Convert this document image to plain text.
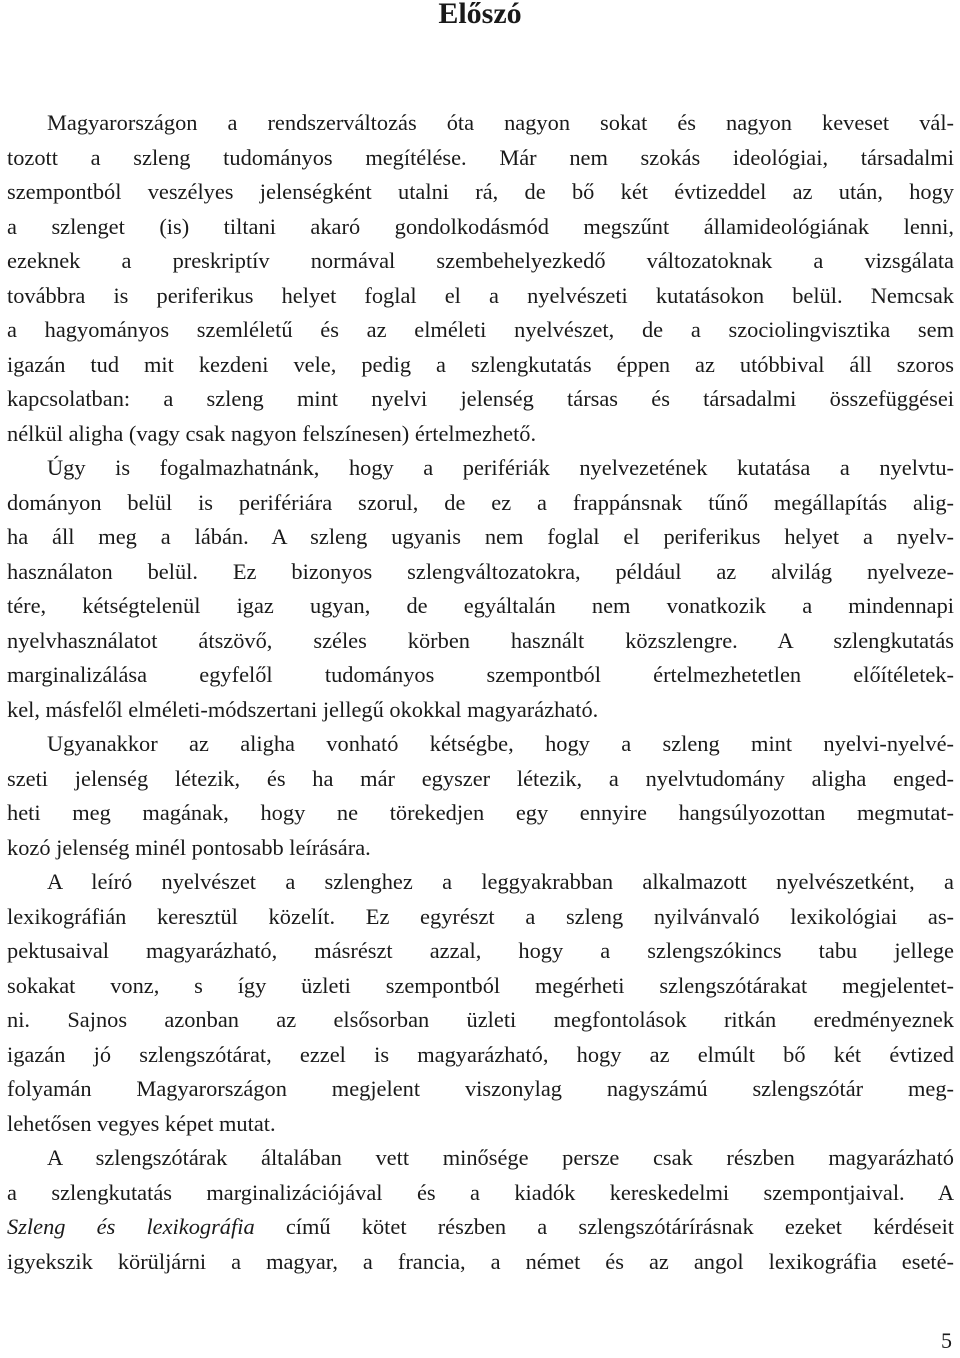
Előszó

Magyarországon a rendszerváltozás óta nagyon sokat és nagyon keveset vál-

tozott a szleng tudományos megítélése. Már nem szokás ideológiai, társadalmi

szempontból veszélyes jelenségként utalni rá, de bő két évtizeddel az után, hogy

a szlenget (is) tiltani akaró gondolkodásmód megszűnt államideológiának lenni,

ezeknek a preskriptív normával szembehelyezkedő változatoknak a vizsgálata

továbbra is periferikus helyet foglal el a nyelvészeti kutatásokon belül. Nemcsak

a hagyományos szemléletű és az elméleti nyelvészet, de a szociolingvisztika sem

igazán tud mit kezdeni vele, pedig a szlengkutatás éppen az utóbbival áll szoros

kapcsolatban: a szleng mint nyelvi jelenség társas és társadalmi összefüggései

nélkül aligha (vagy csak nagyon felszínesen) értelmezhető.

Úgy is fogalmazhatnánk, hogy a perifériák nyelvezetének kutatása a nyelvtu-

dományon belül is perifériára szorul, de ez a frappánsnak tűnő megállapítás alig-

ha áll meg a lábán. A szleng ugyanis nem foglal el periferikus helyet a nyelv-

használaton belül. Ez bizonyos szlengváltozatokra, például az alvilág nyelveze-

tére, kétségtelenül igaz ugyan, de egyáltalán nem vonatkozik a mindennapi

nyelvhasználatot átszövő, széles körben használt közszlengre. A szlengkutatás

marginalizálása egyfelől tudományos szempontból értelmezhetetlen előítéletek-

kel, másfelől elméleti-módszertani jellegű okokkal magyarázható.

Ugyanakkor az aligha vonható kétségbe, hogy a szleng mint nyelvi-nyelvé-

szeti jelenség létezik, és ha már egyszer létezik, a nyelvtudomány aligha enged-

heti meg magának, hogy ne törekedjen egy ennyire hangsúlyozottan megmutat-

kozó jelenség minél pontosabb leírására.

A leíró nyelvészet a szlenghez a leggyakrabban alkalmazott nyelvészetként, a

lexikográfián keresztül közelít. Ez egyrészt a szleng nyilvánvaló lexikológiai as-

pektusaival magyarázható, másrészt azzal, hogy a szlengszókincs tabu jellege

sokakat vonz, s így üzleti szempontból megérheti szlengszótárakat megjelentet-

ni. Sajnos azonban az elsősorban üzleti megfontolások ritkán eredményeznek

igazán jó szlengszótárat, ezzel is magyarázható, hogy az elmúlt bő két évtized

folyamán Magyarországon megjelent viszonylag nagyszámú szlengszótár meg-

lehetősen vegyes képet mutat.

A szlengszótárak általában vett minősége persze csak részben magyarázható

a szlengkutatás marginalizációjával és a kiadók kereskedelmi szempontjaival. A

Szleng és lexikográfia című kötet részben a szlengszótárírásnak ezeket kérdéseit

igyekszik körüljárni a magyar, a francia, a német és az angol lexikográfia eseté-

5
